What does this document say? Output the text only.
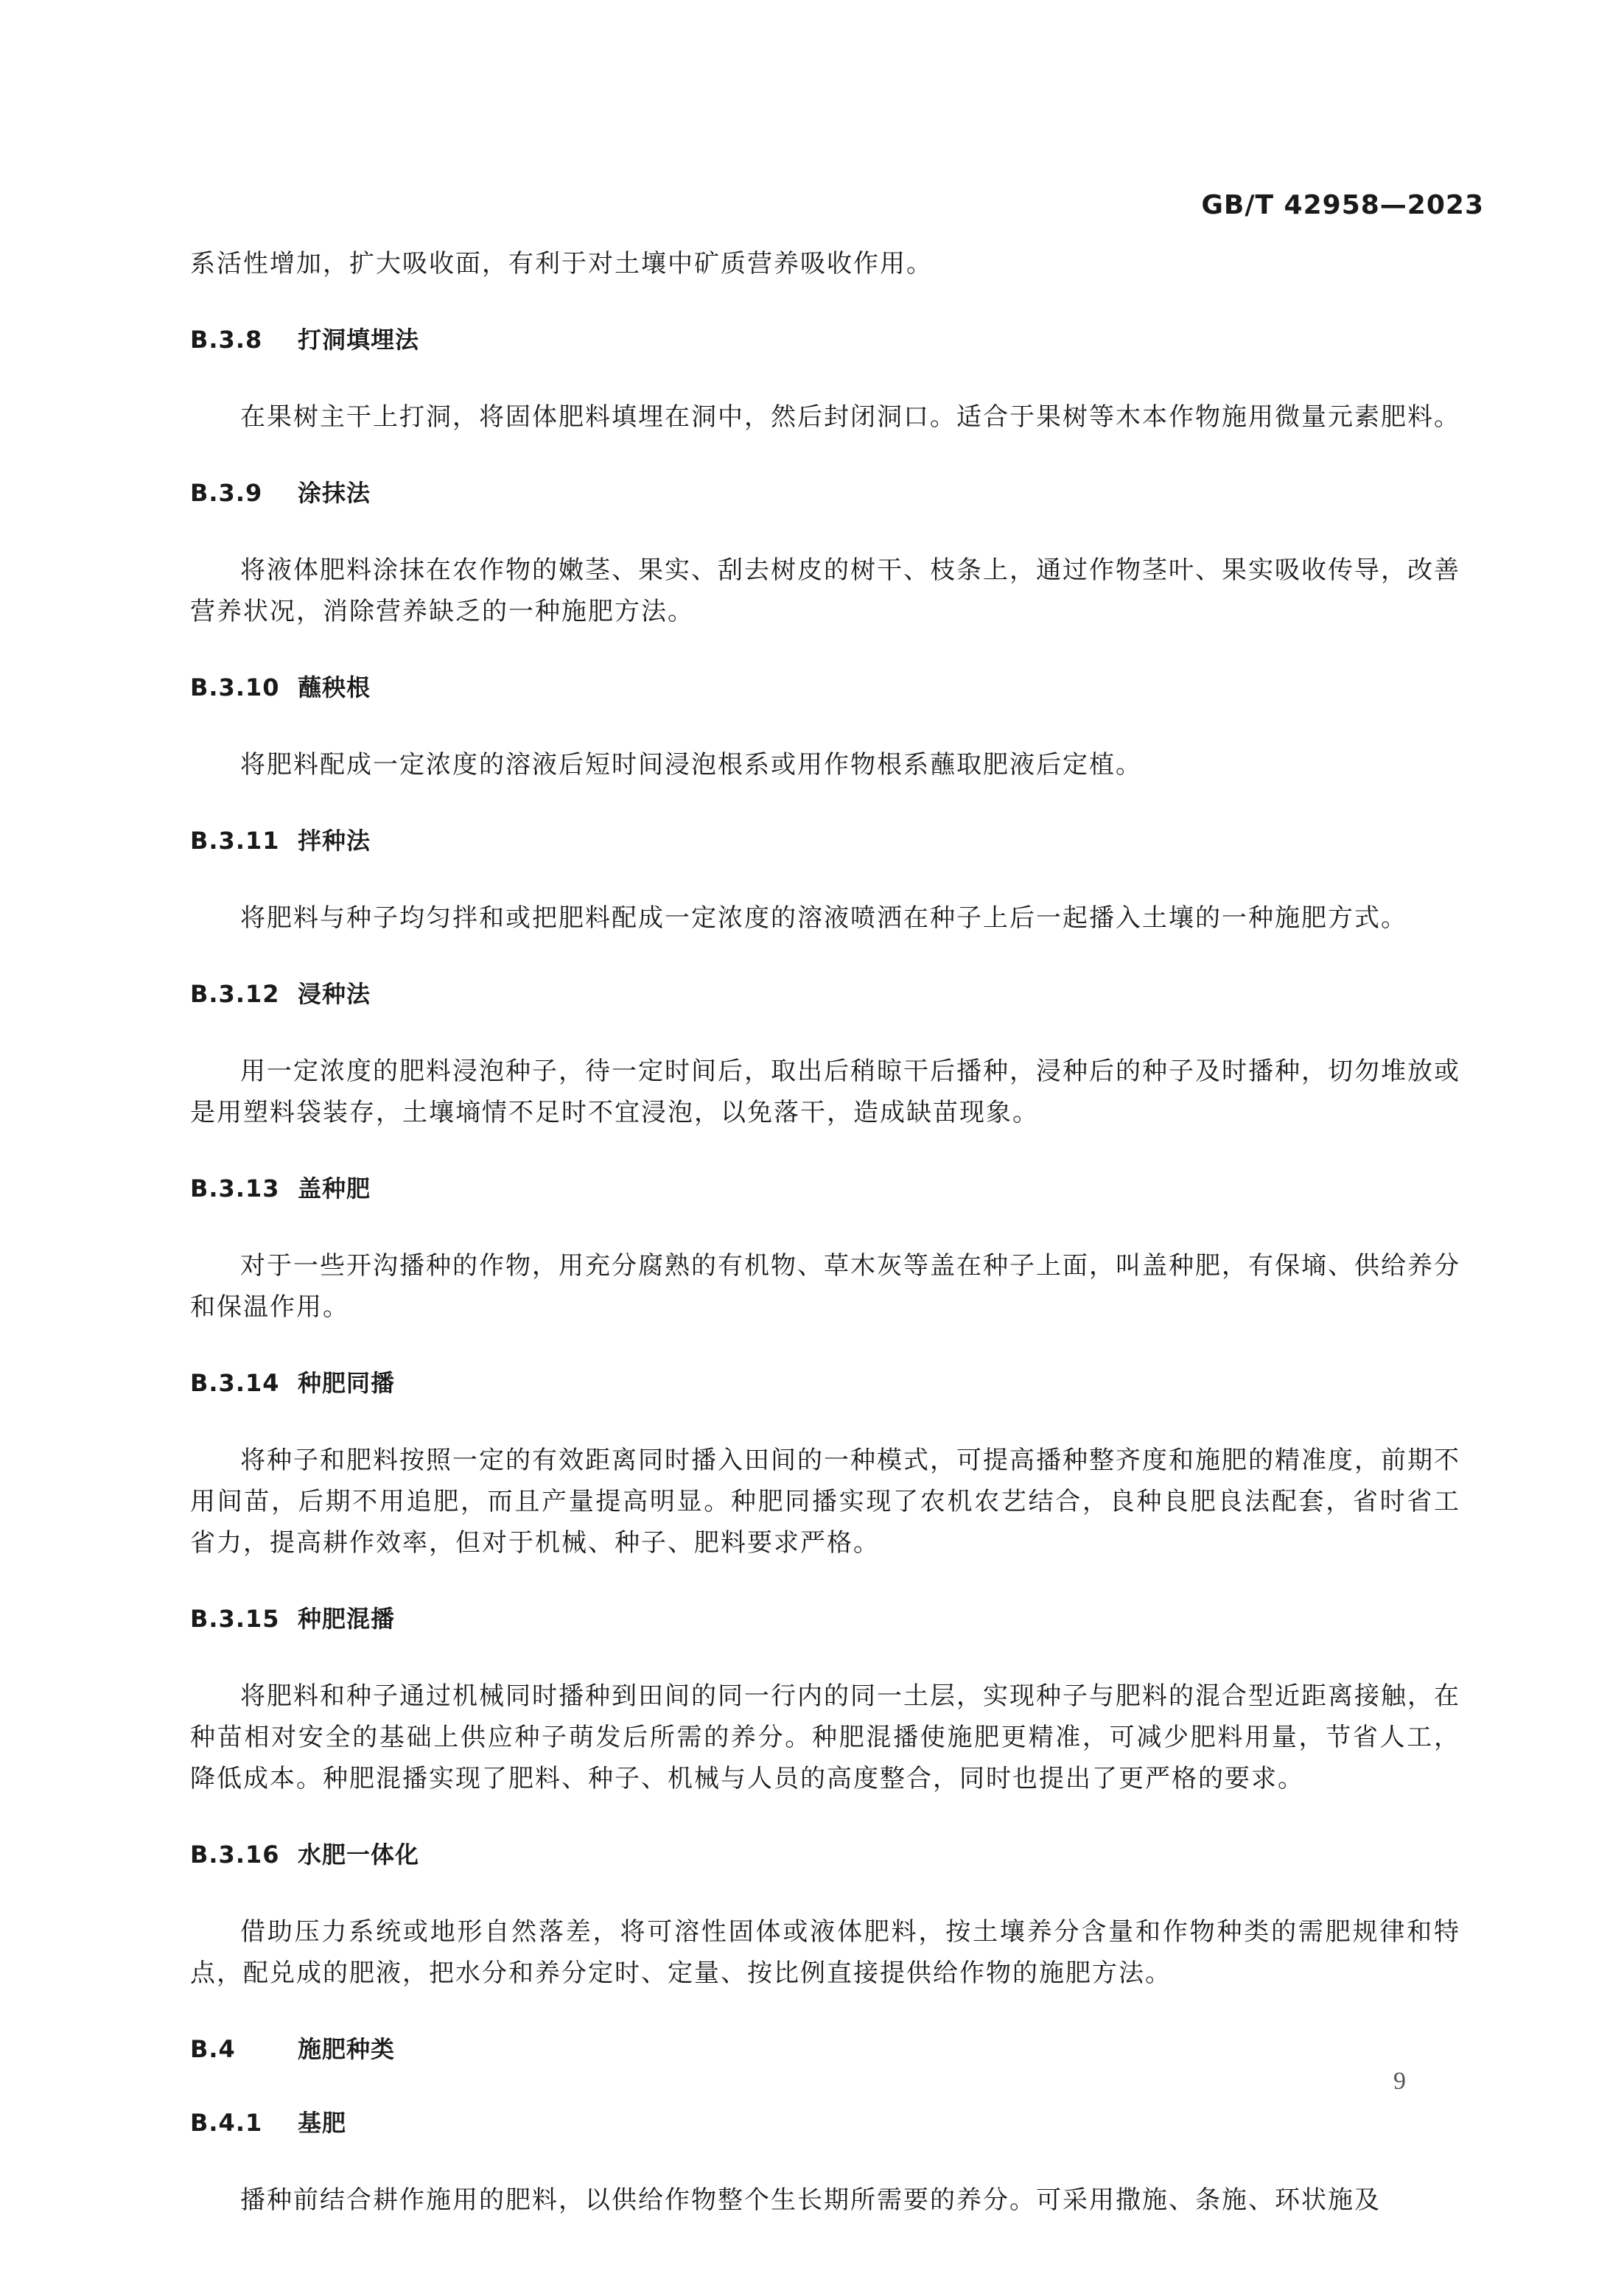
GB/T 42958—2023

系活性增加，扩大吸收面，有利于对土壤中矿质营养吸收作用。

B.3.8 打洞填埋法

在果树主干上打洞，将固体肥料填埋在洞中，然后封闭洞口。适合于果树等木本作物施用微量元素肥料。

B.3.9 涂抹法

将液体肥料涂抹在农作物的嫩茎、果实、刮去树皮的树干、枝条上，通过作物茎叶、果实吸收传导，改善营养状况，消除营养缺乏的一种施肥方法。

B.3.10 蘸秧根

将肥料配成一定浓度的溶液后短时间浸泡根系或用作物根系蘸取肥液后定植。

B.3.11 拌种法

将肥料与种子均匀拌和或把肥料配成一定浓度的溶液喷洒在种子上后一起播入土壤的一种施肥方式。

B.3.12 浸种法

用一定浓度的肥料浸泡种子，待一定时间后，取出后稍晾干后播种，浸种后的种子及时播种，切勿堆放或是用塑料袋装存，土壤墒情不足时不宜浸泡，以免落干，造成缺苗现象。

B.3.13 盖种肥

对于一些开沟播种的作物，用充分腐熟的有机物、草木灰等盖在种子上面，叫盖种肥，有保墒、供给养分和保温作用。

B.3.14 种肥同播

将种子和肥料按照一定的有效距离同时播入田间的一种模式，可提高播种整齐度和施肥的精准度，前期不用间苗，后期不用追肥，而且产量提高明显。种肥同播实现了农机农艺结合，良种良肥良法配套，省时省工省力，提高耕作效率，但对于机械、种子、肥料要求严格。

B.3.15 种肥混播

将肥料和种子通过机械同时播种到田间的同一行内的同一土层，实现种子与肥料的混合型近距离接触，在种苗相对安全的基础上供应种子萌发后所需的养分。种肥混播使施肥更精准，可减少肥料用量，节省人工，降低成本。种肥混播实现了肥料、种子、机械与人员的高度整合，同时也提出了更严格的要求。

B.3.16 水肥一体化

借助压力系统或地形自然落差，将可溶性固体或液体肥料，按土壤养分含量和作物种类的需肥规律和特点，配兑成的肥液，把水分和养分定时、定量、按比例直接提供给作物的施肥方法。

B.4	施肥种类

B.4.1 基肥

播种前结合耕作施用的肥料，以供给作物整个生长期所需要的养分。可采用撒施、条施、环状施及

9
